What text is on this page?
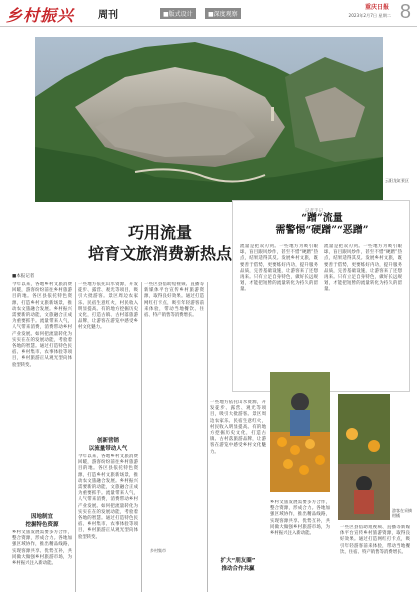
乡村振兴 周刊	■版式设计	■深度观察
重庆日报
2023年2月7日 星期二 8
云阳龙缸景区
巧用流量
培育文旅消费新热点
■本报记者
今年以来，各地乡村文旅消费回暖，游客纷纷前往乡村旅游目的地。各区县依托特色资源，打造乡村文旅新场景，推动农文旅融合发展。乡村振兴需要新的动能，文旅融合正成为重要抓手。流量带来人气，人气带来消费，消费带动乡村产业发展。如何把流量转化为实实在在的发展动能，考验着各地的智慧。通过打造特色民宿、乡村集市、农事体验等项目，乡村旅游正从观光型向体验型转变。
因地制宜
挖掘特色资源
乡村文旅发展需要多方合作，整合资源，形成合力。各地加强区域协作，推出精品线路，实现客源共享、优势互补，共同做大做强乡村旅游市场，为乡村振兴注入新动能。
一些地方依托山水资源，开发徒步、露营、观光等项目，吸引大批游客。景区周边农家乐、民宿生意红火，村民收入明显提高。有的地方挖掘历史文化，打造古镇、古村落旅游品牌，让游客在游览中感受乡村文化魅力。
创新营销
以流量带动人气
今年以来，各地乡村文旅消费回暖，游客纷纷前往乡村旅游目的地。各区县依托特色资源，打造乡村文旅新场景，推动农文旅融合发展。乡村振兴需要新的动能，文旅融合正成为重要抓手。流量带来人气，人气带来消费，消费带动乡村产业发展。如何把流量转化为实实在在的发展动能，考验着各地的智慧。通过打造特色民宿、乡村集市、农事体验等项目，乡村旅游正从观光型向体验型转变。
一些区县借助短视频、直播等新媒体平台宣传乡村旅游资源，取得良好效果。通过打造网红打卡点，吸引年轻游客前来体验，带动当地餐饮、住宿、特产销售等消费增长。
乡村集市
一些地方依托山水资源，开发徒步、露营、观光等项目，吸引大批游客。景区周边农家乐、民宿生意红火，村民收入明显提高。有的地方挖掘历史文化，打造古镇、古村落旅游品牌，让游客在游览中感受乡村文化魅力。
扩大“朋友圈”
推动合作共赢
乡村文旅发展需要多方合作，整合资源，形成合力。各地加强区域协作，推出精品线路，实现客源共享、优势互补，共同做大做强乡村旅游市场，为乡村振兴注入新动能。
一些区县借助短视频、直播等新媒体平台宣传乡村旅游资源，取得良好效果。通过打造网红打卡点，吸引年轻游客前来体验，带动当地餐饮、住宿、特产销售等消费增长。
记者手记
“蹭”流量
需警惕“硬蹭”“恶蹭”
流量是把双刃剑。一些地方为吸引眼球，盲目跟风炒作，甚至不惜“硬蹭”热点，结果适得其反。发展乡村文旅，既要善于借势，更要练好内功，提升服务品质，完善基础设施，让游客来了还想再来。只有立足自身特色，做好长远规划，才能把短暂的流量转化为持久的留量。
流量是把双刃剑。一些地方为吸引眼球，盲目跟风炒作，甚至不惜“硬蹭”热点，结果适得其反。发展乡村文旅，既要善于借势，更要练好内功，提升服务品质，完善基础设施，让游客来了还想再来。只有立足自身特色，做好长远规划，才能把短暂的流量转化为持久的留量。
游客在采摘柑橘
